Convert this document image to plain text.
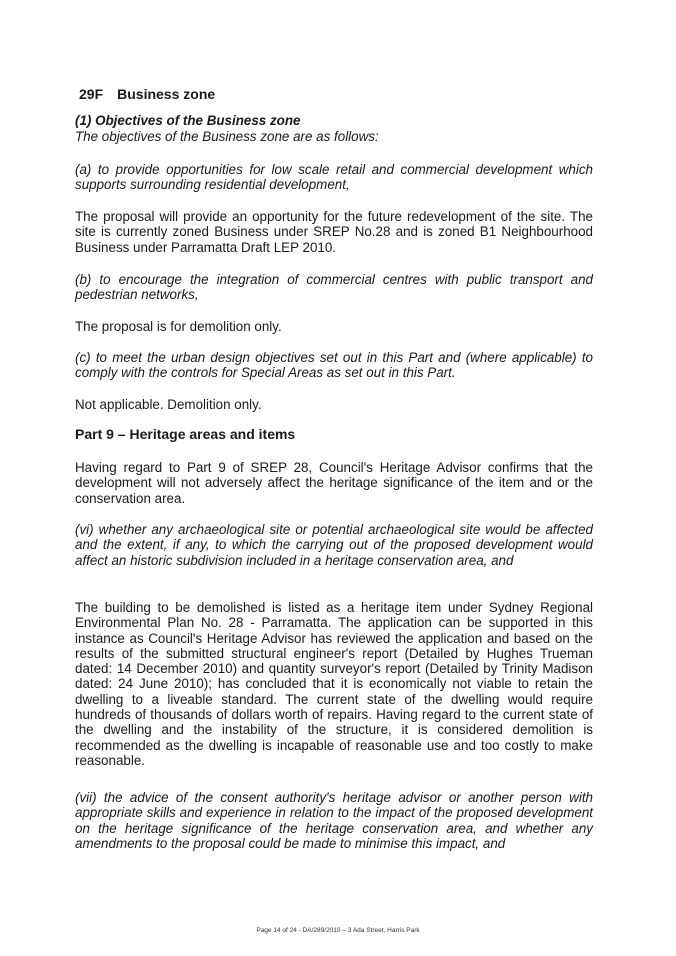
29F Business zone

(1) Objectives of the Business zone

The objectives of the Business zone are as follows:

(a) to provide opportunities for low scale retail and commercial development which supports surrounding residential development,

The proposal will provide an opportunity for the future redevelopment of the site. The site is currently zoned Business under SREP No.28 and is zoned B1 Neighbourhood Business under Parramatta Draft LEP 2010.

(b) to encourage the integration of commercial centres with public transport and pedestrian networks,

The proposal is for demolition only.

(c) to meet the urban design objectives set out in this Part and (where applicable) to comply with the controls for Special Areas as set out in this Part.

Not applicable. Demolition only.

Part 9 – Heritage areas and items

Having regard to Part 9 of SREP 28, Council's Heritage Advisor confirms that the development will not adversely affect the heritage significance of the item and or the conservation area.

(vi) whether any archaeological site or potential archaeological site would be affected and the extent, if any, to which the carrying out of the proposed development would affect an historic subdivision included in a heritage conservation area, and

The building to be demolished is listed as a heritage item under Sydney Regional Environmental Plan No. 28 - Parramatta. The application can be supported in this instance as Council's Heritage Advisor has reviewed the application and based on the results of the submitted structural engineer's report (Detailed by Hughes Trueman dated: 14 December 2010) and quantity surveyor's report (Detailed by Trinity Madison dated: 24 June 2010); has concluded that it is economically not viable to retain the dwelling to a liveable standard. The current state of the dwelling would require hundreds of thousands of dollars worth of repairs. Having regard to the current state of the dwelling and the instability of the structure, it is considered demolition is recommended as the dwelling is incapable of reasonable use and too costly to make reasonable.

(vii) the advice of the consent authority's heritage advisor or another person with appropriate skills and experience in relation to the impact of the proposed development on the heritage significance of the heritage conservation area, and whether any amendments to the proposal could be made to minimise this impact, and

Page 14 of 24 - DA/289/2010 – 3 Ada Street, Harris Park
